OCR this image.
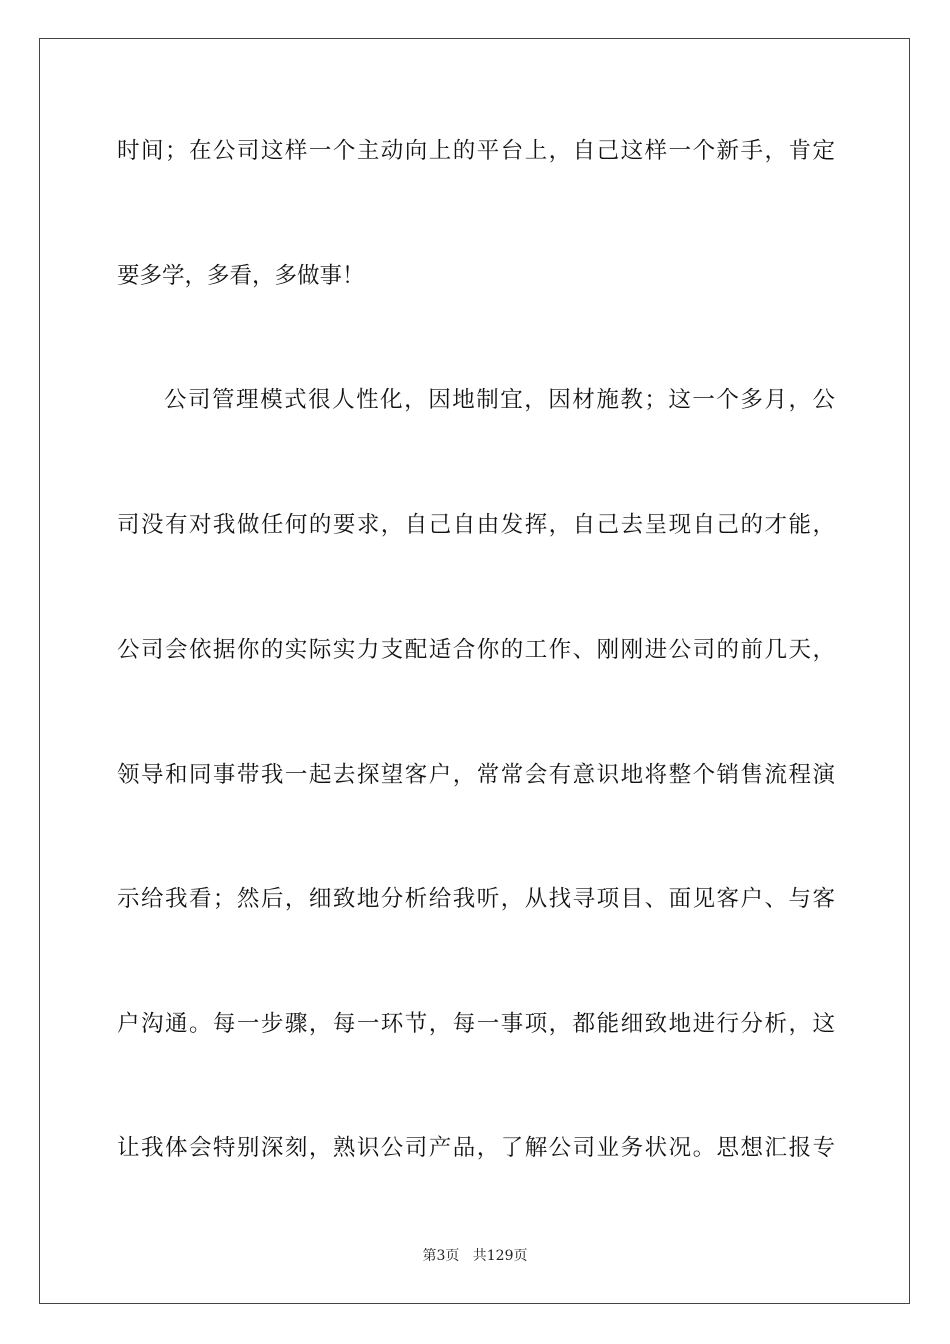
时间；在公司这样一个主动向上的平台上，自己这样一个新手，肯定
要多学，多看，多做事！
公司管理模式很人性化，因地制宜，因材施教；这一个多月，公
司没有对我做任何的要求，自己自由发挥，自己去呈现自己的才能，
公司会依据你的实际实力支配适合你的工作、刚刚进公司的前几天，
领导和同事带我一起去探望客户，常常会有意识地将整个销售流程演
示给我看；然后，细致地分析给我听，从找寻项目、面见客户、与客
户沟通。每一步骤，每一环节，每一事项，都能细致地进行分析，这
让我体会特别深刻，熟识公司产品，了解公司业务状况。思想汇报专
第3页 共129页
